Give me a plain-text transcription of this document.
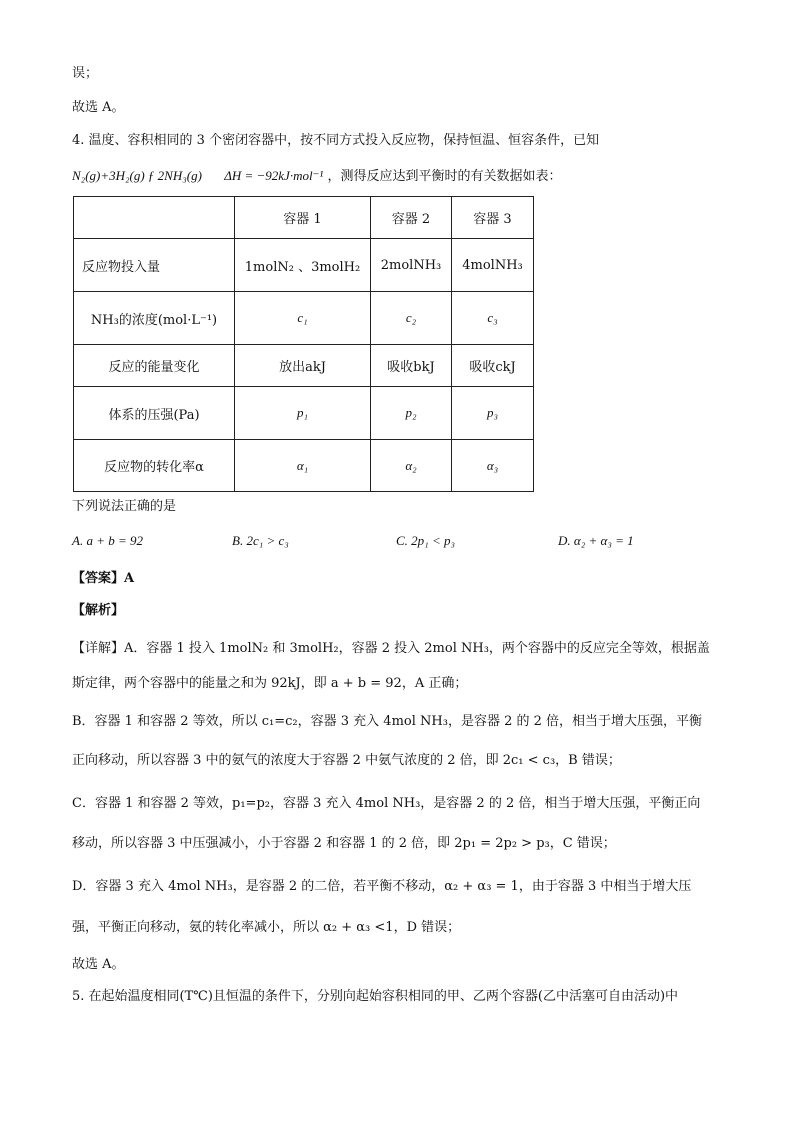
误；
故选 A。
4. 温度、容积相同的 3 个密闭容器中，按不同方式投入反应物，保持恒温、恒容条件，已知
N₂(g)+3H₂(g) ƒ 2NH₃(g) ΔH = −92kJ·mol⁻¹ ，测得反应达到平衡时的有关数据如表：
	容器 1	容器 2	容器 3
反应物投入量	1molN₂ 、3molH₂	2molNH₃	4molNH₃
NH₃的浓度(mol·L⁻¹)	c₁	c₂	c₃
反应的能量变化	放出akJ	吸收bkJ	吸收ckJ
体系的压强(Pa)	p₁	p₂	p₃
反应物的转化率α	α₁	α₂	α₃
下列说法正确的是
A. a + b = 92	B. 2c₁ > c₃	C. 2p₁ < p₃	D. α₂ + α₃ = 1
【答案】A
【解析】
【详解】A．容器 1 投入 1molN₂ 和 3molH₂，容器 2 投入 2mol NH₃，两个容器中的反应完全等效，根据盖
斯定律，两个容器中的能量之和为 92kJ，即 a + b = 92，A 正确；
B．容器 1 和容器 2 等效，所以 c₁=c₂，容器 3 充入 4mol NH₃，是容器 2 的 2 倍，相当于增大压强，平衡
正向移动，所以容器 3 中的氨气的浓度大于容器 2 中氨气浓度的 2 倍，即 2c₁ < c₃，B 错误；
C．容器 1 和容器 2 等效，p₁=p₂，容器 3 充入 4mol NH₃，是容器 2 的 2 倍，相当于增大压强，平衡正向
移动，所以容器 3 中压强减小，小于容器 2 和容器 1 的 2 倍，即 2p₁ = 2p₂ > p₃，C 错误；
D．容器 3 充入 4mol NH₃，是容器 2 的二倍，若平衡不移动，α₂ + α₃ = 1，由于容器 3 中相当于增大压
强，平衡正向移动，氨的转化率减小，所以 α₂ + α₃ <1，D 错误；
故选 A。
5. 在起始温度相同(T℃)且恒温的条件下，分别向起始容积相同的甲、乙两个容器(乙中活塞可自由活动)中
